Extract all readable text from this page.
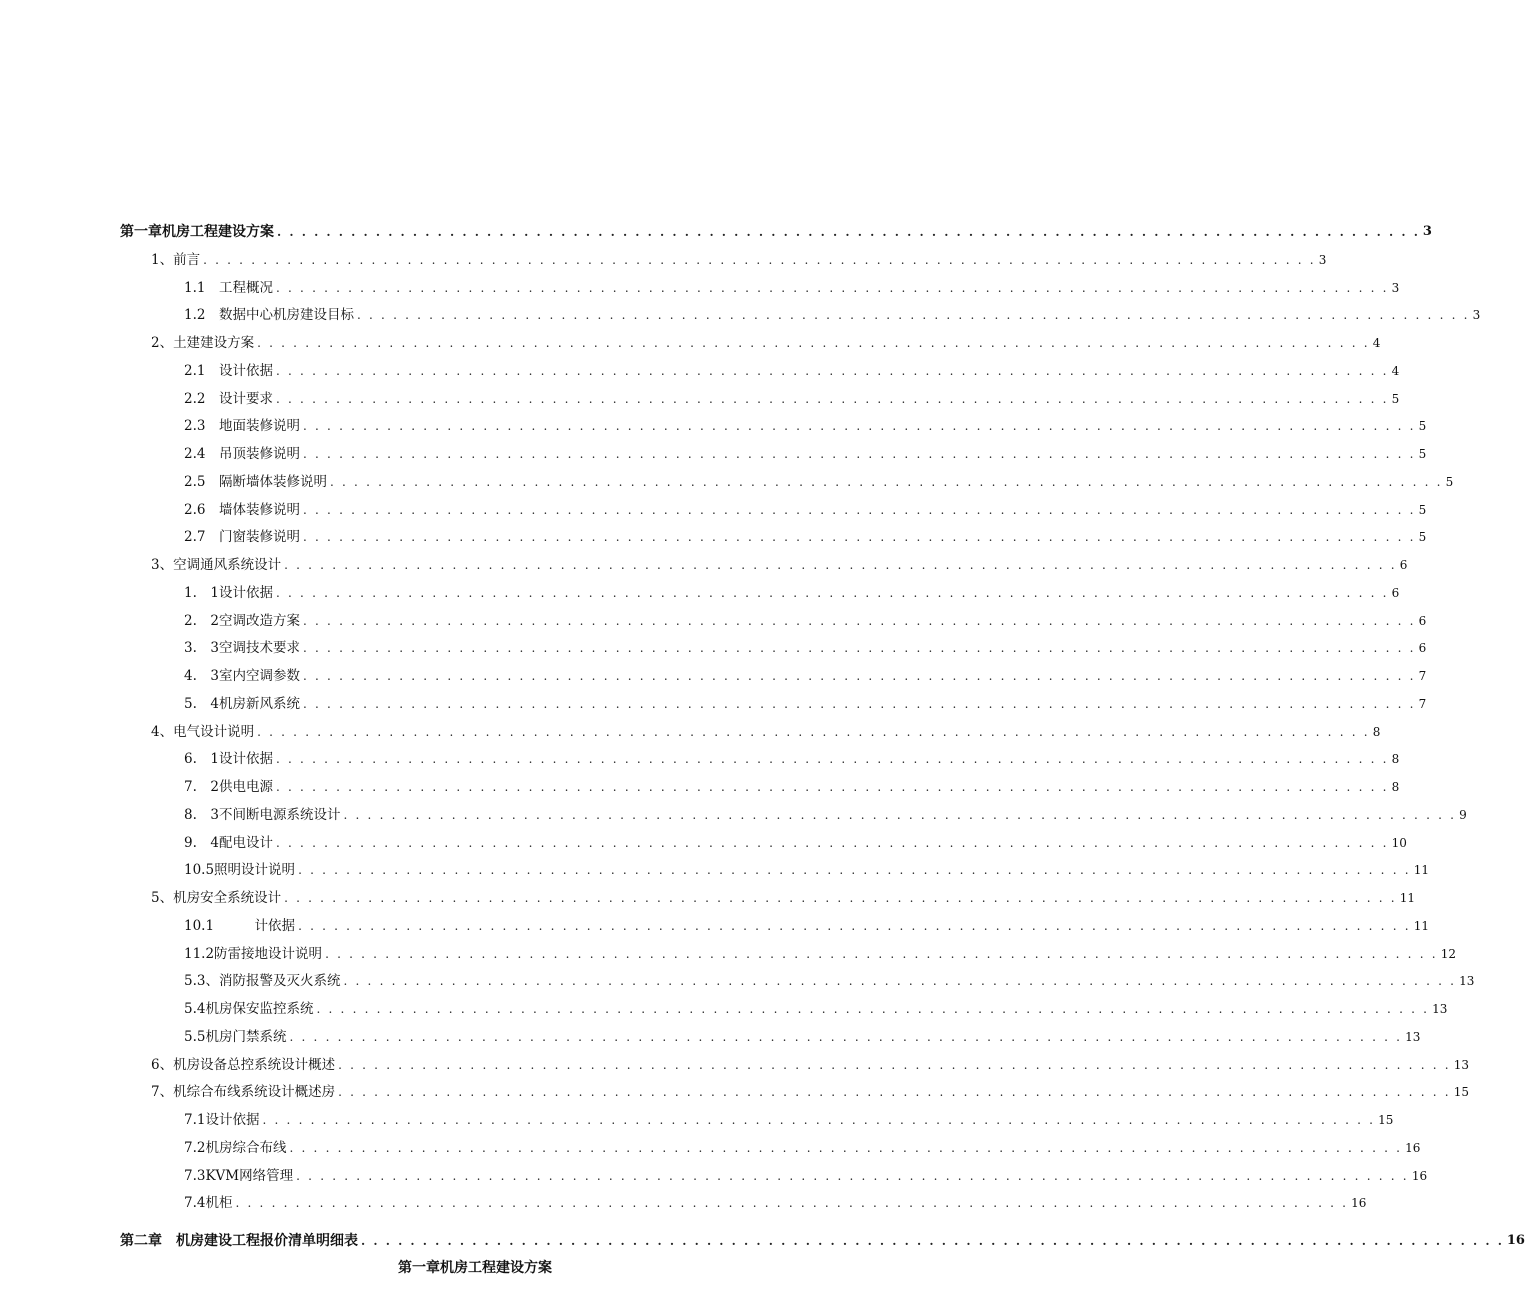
第一章机房工程建设方案 . . . . . . . . . . . . . . . . . . . . . . . . . . . . . . . . . . . . . . . . . . . . . . . . . . . . . . . . . . . . . . . . . . . . . . . . . . . . . . . . . . . . . . . . . . . . . 3
1、前言 . . . . . . . . . . . . . . . . . . . . . . . . . . . . . . . . . . . . . . . . . . . . . . . . . . . . . . . . . . . . . . . . . . . . . . . . . . . . . . . . . . . . . . . . . . . . . 3
1.1　工程概况 . . . . . . . . . . . . . . . . . . . . . . . . . . . . . . . . . . . . . . . . . . . . . . . . . . . . . . . . . . . . . . . . . . . . . . . . . . . . . . . . . . . . . . . . . . . . . 3
1.2　数据中心机房建设目标 . . . . . . . . . . . . . . . . . . . . . . . . . . . . . . . . . . . . . . . . . . . . . . . . . . . . . . . . . . . . . . . . . . . . . . . . . . . . . . . . . . . . . . . . . . . . . 3
2、土建建设方案 . . . . . . . . . . . . . . . . . . . . . . . . . . . . . . . . . . . . . . . . . . . . . . . . . . . . . . . . . . . . . . . . . . . . . . . . . . . . . . . . . . . . . . . . . . . . . 4
2.1　设计依据 . . . . . . . . . . . . . . . . . . . . . . . . . . . . . . . . . . . . . . . . . . . . . . . . . . . . . . . . . . . . . . . . . . . . . . . . . . . . . . . . . . . . . . . . . . . . . 4
2.2　设计要求 . . . . . . . . . . . . . . . . . . . . . . . . . . . . . . . . . . . . . . . . . . . . . . . . . . . . . . . . . . . . . . . . . . . . . . . . . . . . . . . . . . . . . . . . . . . . . 5
2.3　地面装修说明 . . . . . . . . . . . . . . . . . . . . . . . . . . . . . . . . . . . . . . . . . . . . . . . . . . . . . . . . . . . . . . . . . . . . . . . . . . . . . . . . . . . . . . . . . . . . . 5
2.4　吊顶装修说明 . . . . . . . . . . . . . . . . . . . . . . . . . . . . . . . . . . . . . . . . . . . . . . . . . . . . . . . . . . . . . . . . . . . . . . . . . . . . . . . . . . . . . . . . . . . . . 5
2.5　隔断墙体装修说明 . . . . . . . . . . . . . . . . . . . . . . . . . . . . . . . . . . . . . . . . . . . . . . . . . . . . . . . . . . . . . . . . . . . . . . . . . . . . . . . . . . . . . . . . . . . . . 5
2.6　墙体装修说明 . . . . . . . . . . . . . . . . . . . . . . . . . . . . . . . . . . . . . . . . . . . . . . . . . . . . . . . . . . . . . . . . . . . . . . . . . . . . . . . . . . . . . . . . . . . . . 5
2.7　门窗装修说明 . . . . . . . . . . . . . . . . . . . . . . . . . . . . . . . . . . . . . . . . . . . . . . . . . . . . . . . . . . . . . . . . . . . . . . . . . . . . . . . . . . . . . . . . . . . . . 5
3、空调通风系统设计 . . . . . . . . . . . . . . . . . . . . . . . . . . . . . . . . . . . . . . . . . . . . . . . . . . . . . . . . . . . . . . . . . . . . . . . . . . . . . . . . . . . . . . . . . . . . . 6
1.　1设计依据 . . . . . . . . . . . . . . . . . . . . . . . . . . . . . . . . . . . . . . . . . . . . . . . . . . . . . . . . . . . . . . . . . . . . . . . . . . . . . . . . . . . . . . . . . . . . . 6
2.　2空调改造方案 . . . . . . . . . . . . . . . . . . . . . . . . . . . . . . . . . . . . . . . . . . . . . . . . . . . . . . . . . . . . . . . . . . . . . . . . . . . . . . . . . . . . . . . . . . . . . 6
3.　3空调技术要求 . . . . . . . . . . . . . . . . . . . . . . . . . . . . . . . . . . . . . . . . . . . . . . . . . . . . . . . . . . . . . . . . . . . . . . . . . . . . . . . . . . . . . . . . . . . . . 6
4.　3室内空调参数 . . . . . . . . . . . . . . . . . . . . . . . . . . . . . . . . . . . . . . . . . . . . . . . . . . . . . . . . . . . . . . . . . . . . . . . . . . . . . . . . . . . . . . . . . . . . . 7
5.　4机房新风系统 . . . . . . . . . . . . . . . . . . . . . . . . . . . . . . . . . . . . . . . . . . . . . . . . . . . . . . . . . . . . . . . . . . . . . . . . . . . . . . . . . . . . . . . . . . . . . 7
4、电气设计说明 . . . . . . . . . . . . . . . . . . . . . . . . . . . . . . . . . . . . . . . . . . . . . . . . . . . . . . . . . . . . . . . . . . . . . . . . . . . . . . . . . . . . . . . . . . . . . 8
6.　1设计依据 . . . . . . . . . . . . . . . . . . . . . . . . . . . . . . . . . . . . . . . . . . . . . . . . . . . . . . . . . . . . . . . . . . . . . . . . . . . . . . . . . . . . . . . . . . . . . 8
7.　2供电电源 . . . . . . . . . . . . . . . . . . . . . . . . . . . . . . . . . . . . . . . . . . . . . . . . . . . . . . . . . . . . . . . . . . . . . . . . . . . . . . . . . . . . . . . . . . . . . 8
8.　3不间断电源系统设计 . . . . . . . . . . . . . . . . . . . . . . . . . . . . . . . . . . . . . . . . . . . . . . . . . . . . . . . . . . . . . . . . . . . . . . . . . . . . . . . . . . . . . . . . . . . . . 9
9.　4配电设计 . . . . . . . . . . . . . . . . . . . . . . . . . . . . . . . . . . . . . . . . . . . . . . . . . . . . . . . . . . . . . . . . . . . . . . . . . . . . . . . . . . . . . . . . . . . . . 10
10.5照明设计说明 . . . . . . . . . . . . . . . . . . . . . . . . . . . . . . . . . . . . . . . . . . . . . . . . . . . . . . . . . . . . . . . . . . . . . . . . . . . . . . . . . . . . . . . . . . . . . 11
5、机房安全系统设计 . . . . . . . . . . . . . . . . . . . . . . . . . . . . . . . . . . . . . . . . . . . . . . . . . . . . . . . . . . . . . . . . . . . . . . . . . . . . . . . . . . . . . . . . . . . . . 11
10.1　　　计依据 . . . . . . . . . . . . . . . . . . . . . . . . . . . . . . . . . . . . . . . . . . . . . . . . . . . . . . . . . . . . . . . . . . . . . . . . . . . . . . . . . . . . . . . . . . . . . 11
11.2防雷接地设计说明 . . . . . . . . . . . . . . . . . . . . . . . . . . . . . . . . . . . . . . . . . . . . . . . . . . . . . . . . . . . . . . . . . . . . . . . . . . . . . . . . . . . . . . . . . . . . . 12
5.3、消防报警及灭火系统 . . . . . . . . . . . . . . . . . . . . . . . . . . . . . . . . . . . . . . . . . . . . . . . . . . . . . . . . . . . . . . . . . . . . . . . . . . . . . . . . . . . . . . . . . . . . . 13
5.4机房保安监控系统 . . . . . . . . . . . . . . . . . . . . . . . . . . . . . . . . . . . . . . . . . . . . . . . . . . . . . . . . . . . . . . . . . . . . . . . . . . . . . . . . . . . . . . . . . . . . . 13
5.5机房门禁系统 . . . . . . . . . . . . . . . . . . . . . . . . . . . . . . . . . . . . . . . . . . . . . . . . . . . . . . . . . . . . . . . . . . . . . . . . . . . . . . . . . . . . . . . . . . . . . 13
6、机房设备总控系统设计概述 . . . . . . . . . . . . . . . . . . . . . . . . . . . . . . . . . . . . . . . . . . . . . . . . . . . . . . . . . . . . . . . . . . . . . . . . . . . . . . . . . . . . . . . . . . . . . 13
7、机综合布线系统设计概述房 . . . . . . . . . . . . . . . . . . . . . . . . . . . . . . . . . . . . . . . . . . . . . . . . . . . . . . . . . . . . . . . . . . . . . . . . . . . . . . . . . . . . . . . . . . . . . 15
7.1设计依据 . . . . . . . . . . . . . . . . . . . . . . . . . . . . . . . . . . . . . . . . . . . . . . . . . . . . . . . . . . . . . . . . . . . . . . . . . . . . . . . . . . . . . . . . . . . . . 15
7.2机房综合布线 . . . . . . . . . . . . . . . . . . . . . . . . . . . . . . . . . . . . . . . . . . . . . . . . . . . . . . . . . . . . . . . . . . . . . . . . . . . . . . . . . . . . . . . . . . . . . 16
7.3KVM网络管理 . . . . . . . . . . . . . . . . . . . . . . . . . . . . . . . . . . . . . . . . . . . . . . . . . . . . . . . . . . . . . . . . . . . . . . . . . . . . . . . . . . . . . . . . . . . . . 16
7.4机柜 . . . . . . . . . . . . . . . . . . . . . . . . . . . . . . . . . . . . . . . . . . . . . . . . . . . . . . . . . . . . . . . . . . . . . . . . . . . . . . . . . . . . . . . . . . . . . 16
第二章　机房建设工程报价清单明细表 . . . . . . . . . . . . . . . . . . . . . . . . . . . . . . . . . . . . . . . . . . . . . . . . . . . . . . . . . . . . . . . . . . . . . . . . . . . . . . . . . . . . . . . . . . . . . 16
第一章机房工程建设方案
